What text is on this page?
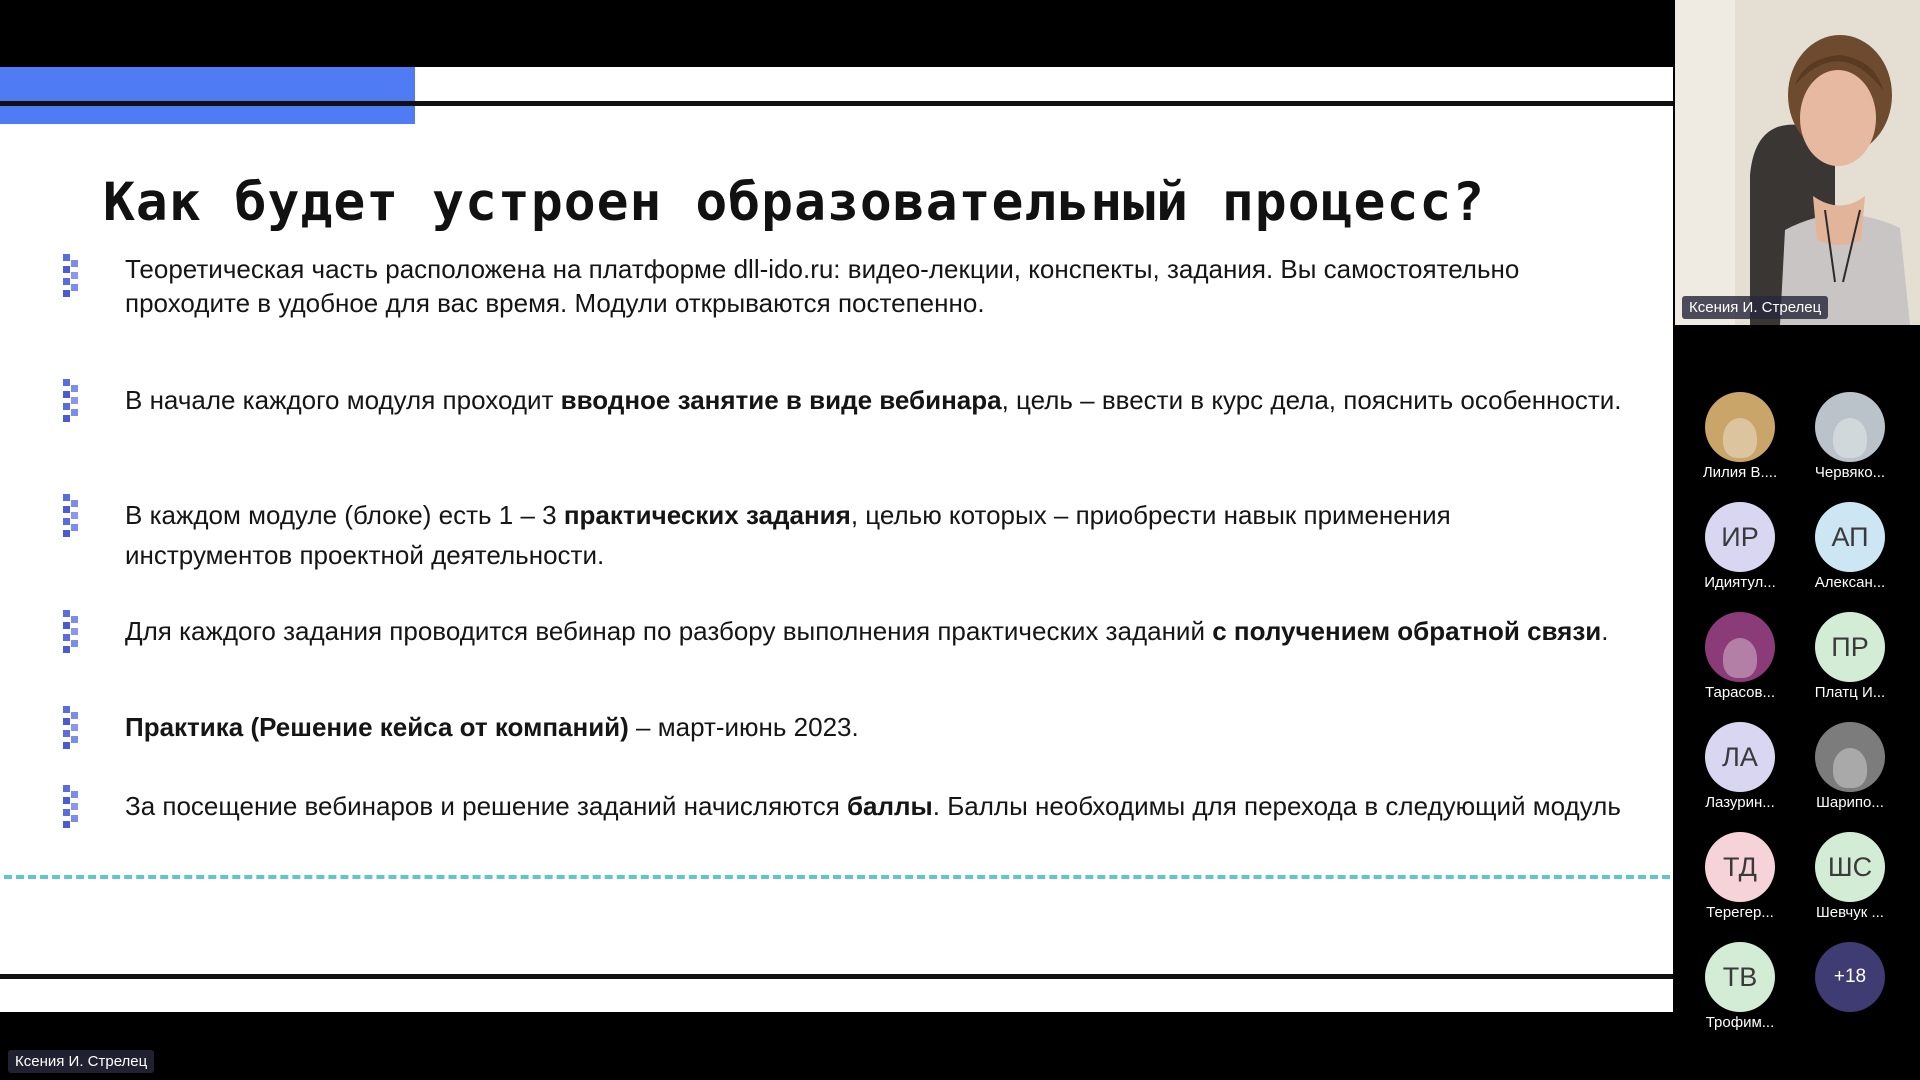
Как будет устроен образовательный процесс?
Теоретическая часть расположена на платформе dll-ido.ru: видео-лекции, конспекты, задания. Вы самостоятельно проходите в удобное для вас время. Модули открываются постепенно.
В начале каждого модуля проходит вводное занятие в виде вебинара, цель – ввести в курс дела, пояснить особенности.
В каждом модуле (блоке) есть 1 – 3 практических задания, целью которых – приобрести навык применения инструментов проектной деятельности.
Для каждого задания проводится вебинар по разбору выполнения практических заданий с получением обратной связи.
Практика (Решение кейса от компаний) – март-июнь 2023.
За посещение вебинаров и решение заданий начисляются баллы. Баллы необходимы для перехода в следующий модуль
Ксения И. Стрелец
Ксения И. Стрелец
Лилия В....	Червяко...
ИР
Идиятул...
АП
Алексан...
Тарасов...
ПР
Платц И...
ЛА
Лазурин...	Шарипо...
ТД
Терегер...
ШС
Шевчук ...
ТВ
Трофим...
+18
